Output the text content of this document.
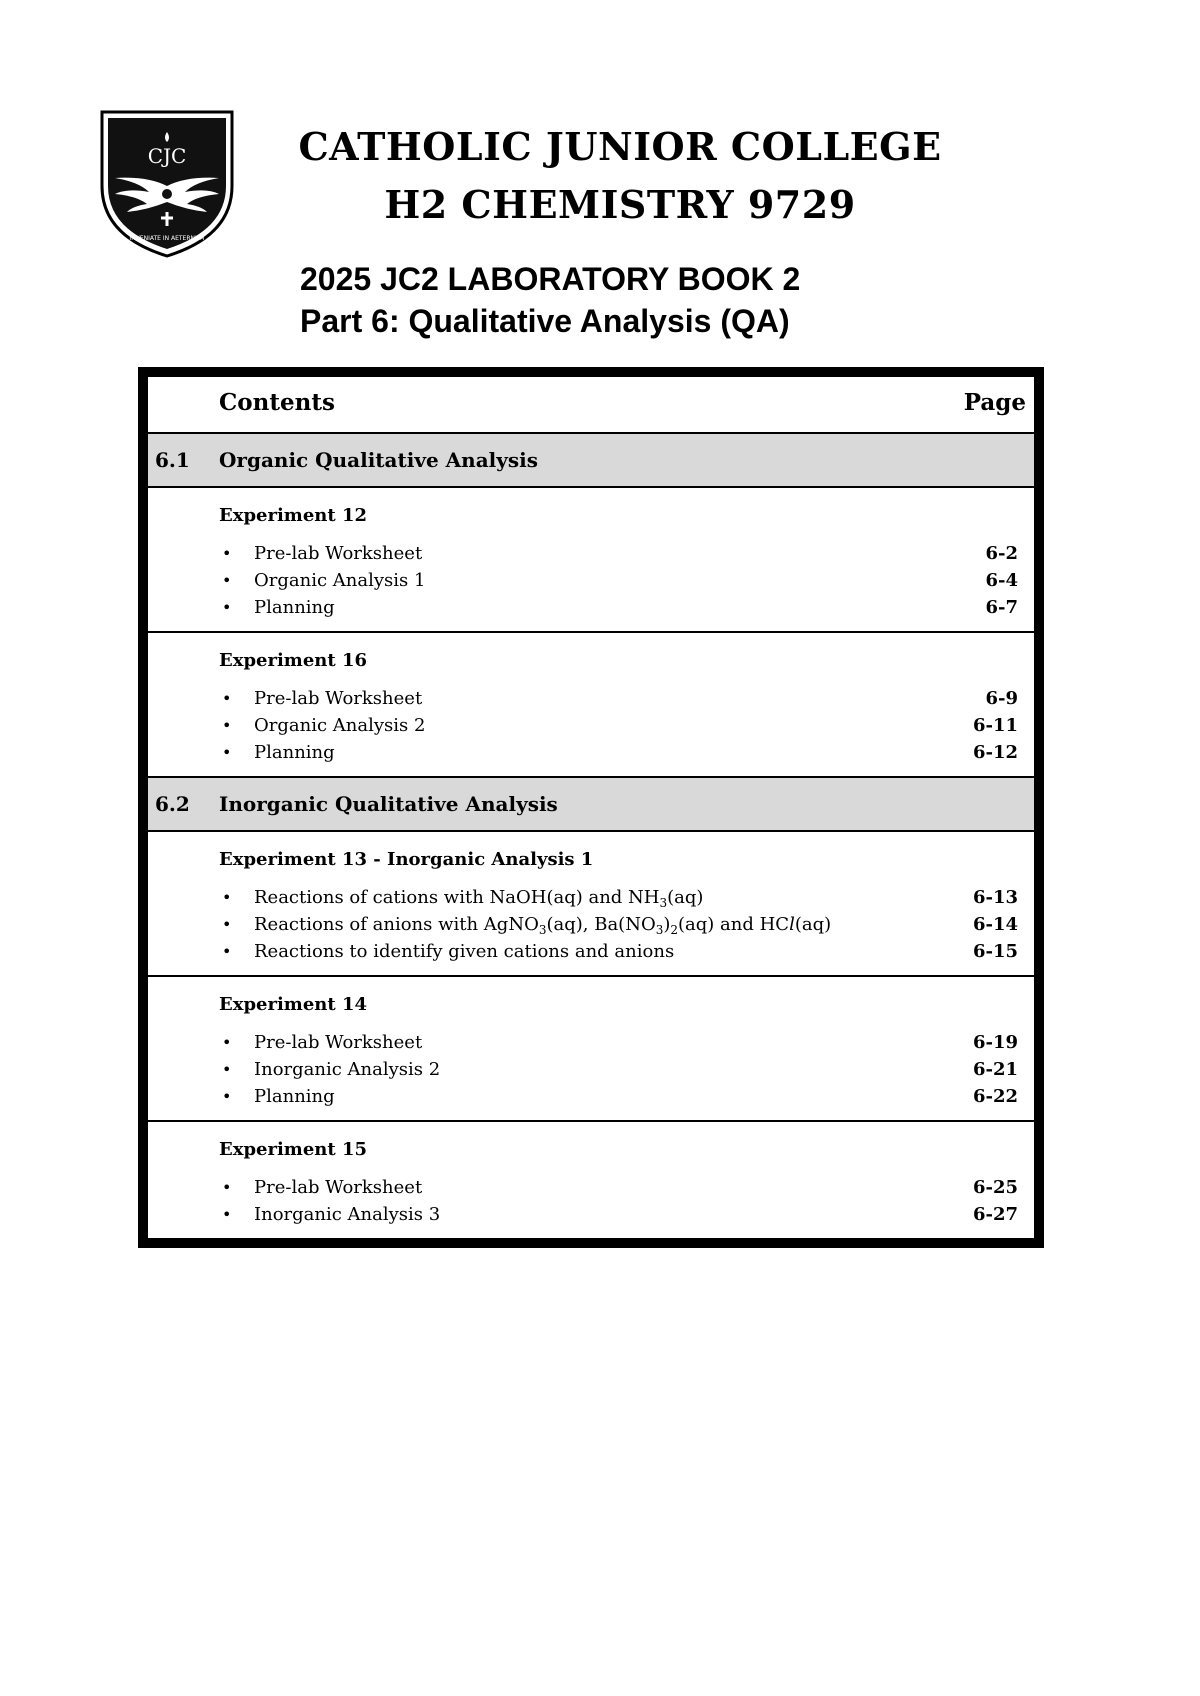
CJC
INVENIATE IN AETERNUM
CATHOLIC JUNIOR COLLEGE
H2 CHEMISTRY 9729
2025 JC2 LABORATORY BOOK 2
Part 6: Qualitative Analysis (QA)
Contents	Page
6.1 Organic Qualitative Analysis
Experiment 12
• Pre-lab Worksheet	6-2
• Organic Analysis 1	6-4
• Planning	6-7
Experiment 16
• Pre-lab Worksheet	6-9
• Organic Analysis 2	6-11
• Planning	6-12
6.2 Inorganic Qualitative Analysis
Experiment 13 - Inorganic Analysis 1
• Reactions of cations with NaOH(aq) and $NH_3(aq)$	6-13
• Reactions of anions with AgNO$_3$(aq), $Ba(NO_3)_2(aq)$ and HCl(aq)	6-14
• Reactions to identify given cations and anions	6-15
Experiment 14
• Pre-lab Worksheet	6-19
• Inorganic Analysis 2	6-21
• Planning	6-22
Experiment 15
• Pre-lab Worksheet	6-25
• Inorganic Analysis 3	6-27
